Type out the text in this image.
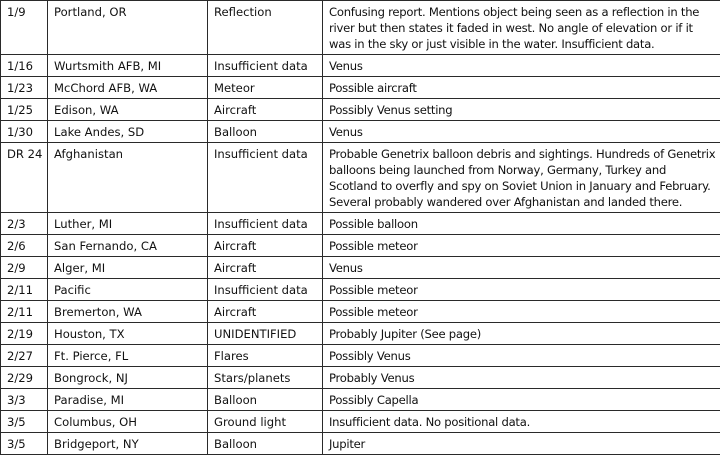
1/9	Portland, OR	Reflection	Confusing report. Mentions object being seen as a reflection in the river but then states it faded in west. No angle of elevation or if it was in the sky or just visible in the water. Insufficient data.
1/16	Wurtsmith AFB, MI	Insufficient data	Venus
1/23	McChord AFB, WA	Meteor	Possible aircraft
1/25	Edison, WA	Aircraft	Possibly Venus setting
1/30	Lake Andes, SD	Balloon	Venus
DR 24	Afghanistan	Insufficient data	Probable Genetrix balloon debris and sightings. Hundreds of Genetrix balloons being launched from Norway, Germany, Turkey and Scotland to overfly and spy on Soviet Union in January and February. Several probably wandered over Afghanistan and landed there.
2/3	Luther, MI	Insufficient data	Possible balloon
2/6	San Fernando, CA	Aircraft	Possible meteor
2/9	Alger, MI	Aircraft	Venus
2/11	Pacific	Insufficient data	Possible meteor
2/11	Bremerton, WA	Aircraft	Possible meteor
2/19	Houston, TX	UNIDENTIFIED	Probably Jupiter (See page)
2/27	Ft. Pierce, FL	Flares	Possibly Venus
2/29	Bongrock, NJ	Stars/planets	Probably Venus
3/3	Paradise, MI	Balloon	Possibly Capella
3/5	Columbus, OH	Ground light	Insufficient data. No positional data.
3/5	Bridgeport, NY	Balloon	Jupiter
